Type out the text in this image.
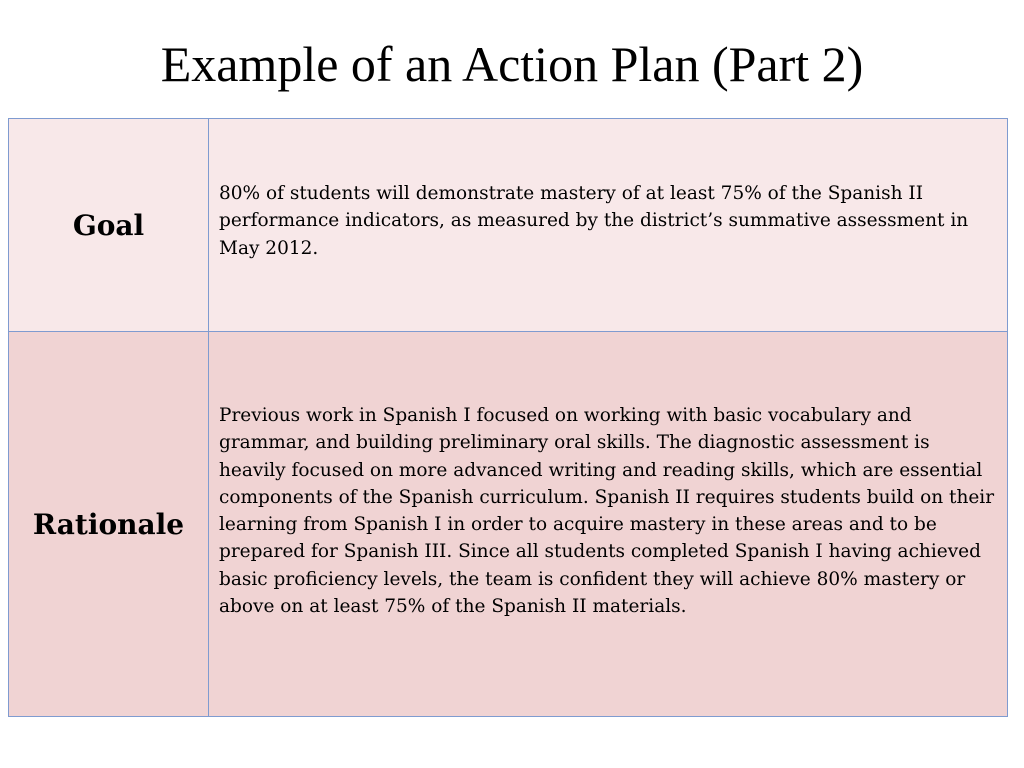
Example of an Action Plan (Part 2)
Goal	80% of students will demonstrate mastery of at least 75% of the Spanish II performance indicators, as measured by the district’s summative assessment in May 2012.

Rationale	Previous work in Spanish I focused on working with basic vocabulary and grammar, and building preliminary oral skills. The diagnostic assessment is heavily focused on more advanced writing and reading skills, which are essential components of the Spanish curriculum. Spanish II requires students build on their learning from Spanish I in order to acquire mastery in these areas and to be prepared for Spanish III. Since all students completed Spanish I having achieved basic proficiency levels, the team is confident they will achieve 80% mastery or above on at least 75% of the Spanish II materials.
